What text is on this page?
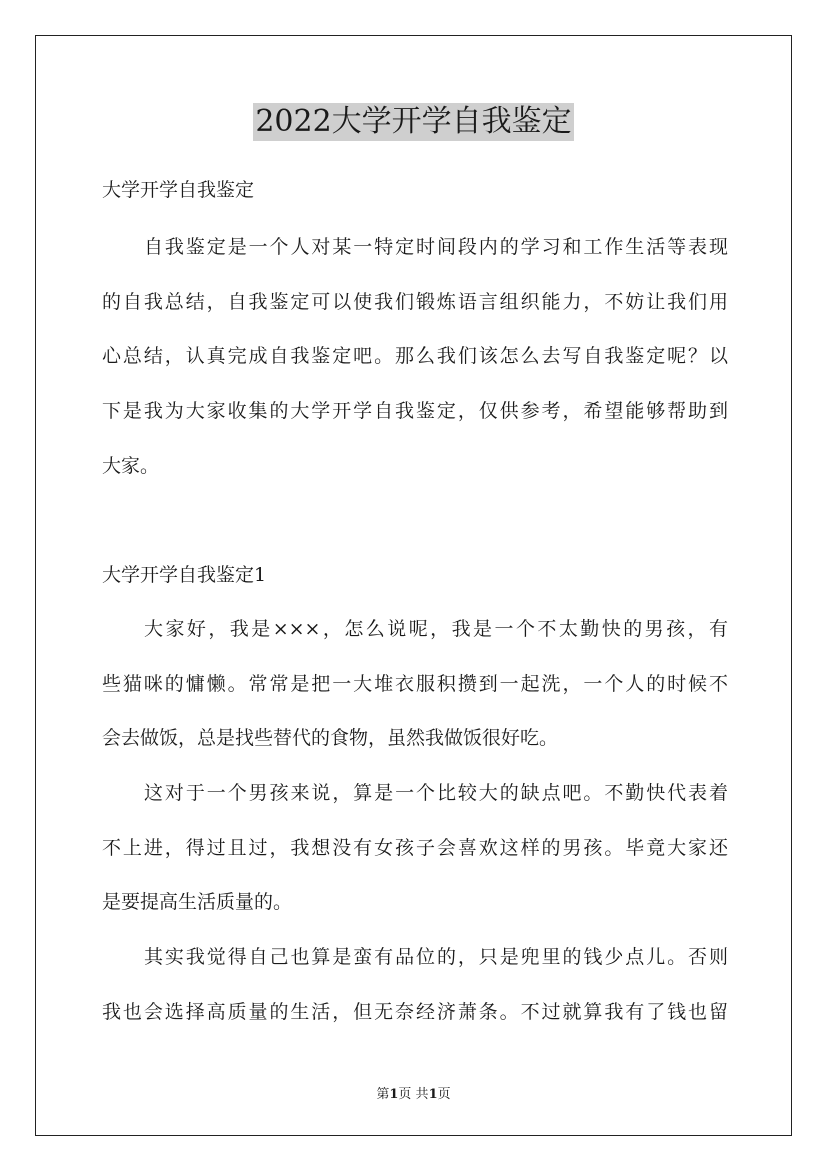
2022大学开学自我鉴定
大学开学自我鉴定
自我鉴定是一个人对某一特定时间段内的学习和工作生活等表现
的自我总结，自我鉴定可以使我们锻炼语言组织能力，不妨让我们用
心总结，认真完成自我鉴定吧。那么我们该怎么去写自我鉴定呢？以
下是我为大家收集的大学开学自我鉴定，仅供参考，希望能够帮助到
大家。
大学开学自我鉴定1
大家好，我是×××，怎么说呢，我是一个不太勤快的男孩，有
些猫咪的慵懒。常常是把一大堆衣服积攒到一起洗，一个人的时候不
会去做饭，总是找些替代的食物，虽然我做饭很好吃。
这对于一个男孩来说，算是一个比较大的缺点吧。不勤快代表着
不上进，得过且过，我想没有女孩子会喜欢这样的男孩。毕竟大家还
是要提高生活质量的。
其实我觉得自己也算是蛮有品位的，只是兜里的钱少点儿。否则
我也会选择高质量的生活，但无奈经济萧条。不过就算我有了钱也留
第1页 共1页
